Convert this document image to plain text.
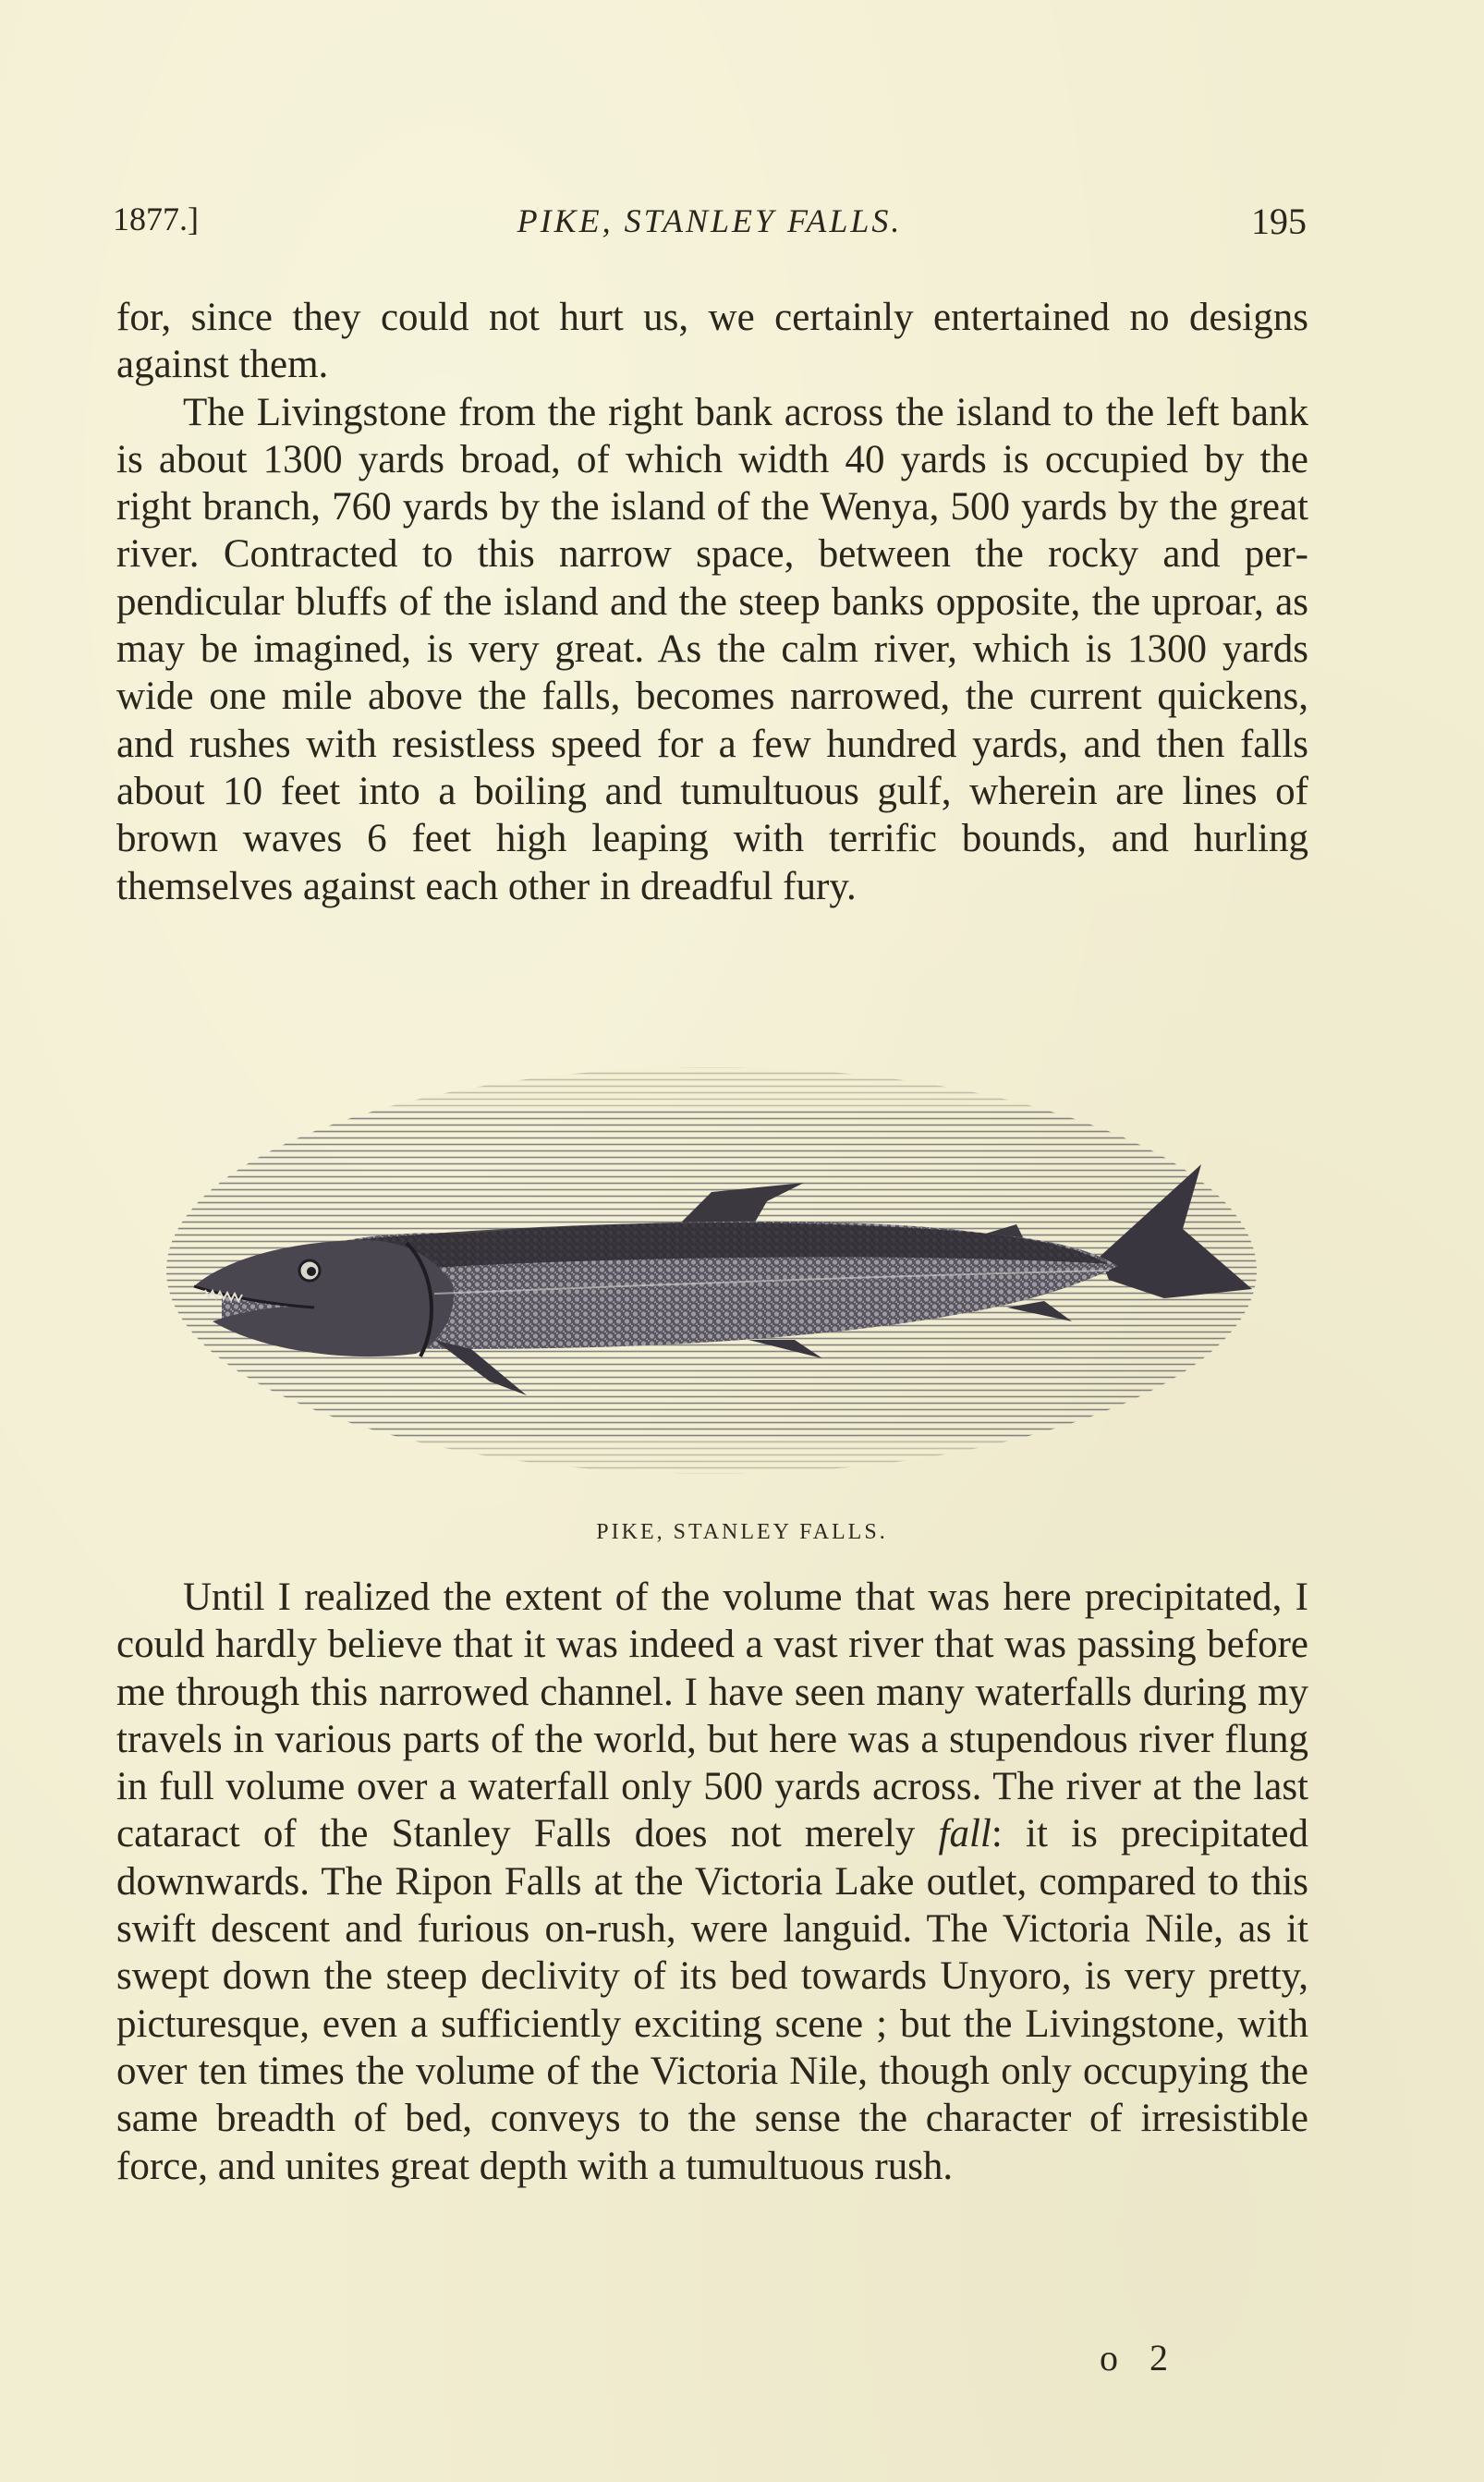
1877.]	PIKE, STANLEY FALLS.	195

for, since they could not hurt us, we certainly entertained no designs against them.

The Livingstone from the right bank across the island to the left bank is about 1300 yards broad, of which width 40 yards is occupied by the right branch, 760 yards by the island of the Wenya, 500 yards by the great river. Contracted to this narrow space, between the rocky and perpendicular bluffs of the island and the steep banks opposite, the uproar, as may be imagined, is very great. As the calm river, which is 1300 yards wide one mile above the falls, becomes narrowed, the current quickens, and rushes with resistless speed for a few hundred yards, and then falls about 10 feet into a boiling and tumultuous gulf, wherein are lines of brown waves 6 feet high leaping with terrific bounds, and hurling themselves against each other in dreadful fury.

PIKE, STANLEY FALLS.

Until I realized the extent of the volume that was here precipitated, I could hardly believe that it was indeed a vast river that was passing before me through this narrowed channel. I have seen many waterfalls during my travels in various parts of the world, but here was a stupendous river flung in full volume over a waterfall only 500 yards across. The river at the last cataract of the Stanley Falls does not merely fall: it is precipitated downwards. The Ripon Falls at the Victoria Lake outlet, compared to this swift descent and furious on-rush, were languid. The Victoria Nile, as it swept down the steep declivity of its bed towards Unyoro, is very pretty, picturesque, even a sufficiently exciting scene ; but the Livingstone, with over ten times the volume of the Victoria Nile, though only occupying the same breadth of bed, conveys to the sense the character of irresistible force, and unites great depth with a tumultuous rush.

o 2
